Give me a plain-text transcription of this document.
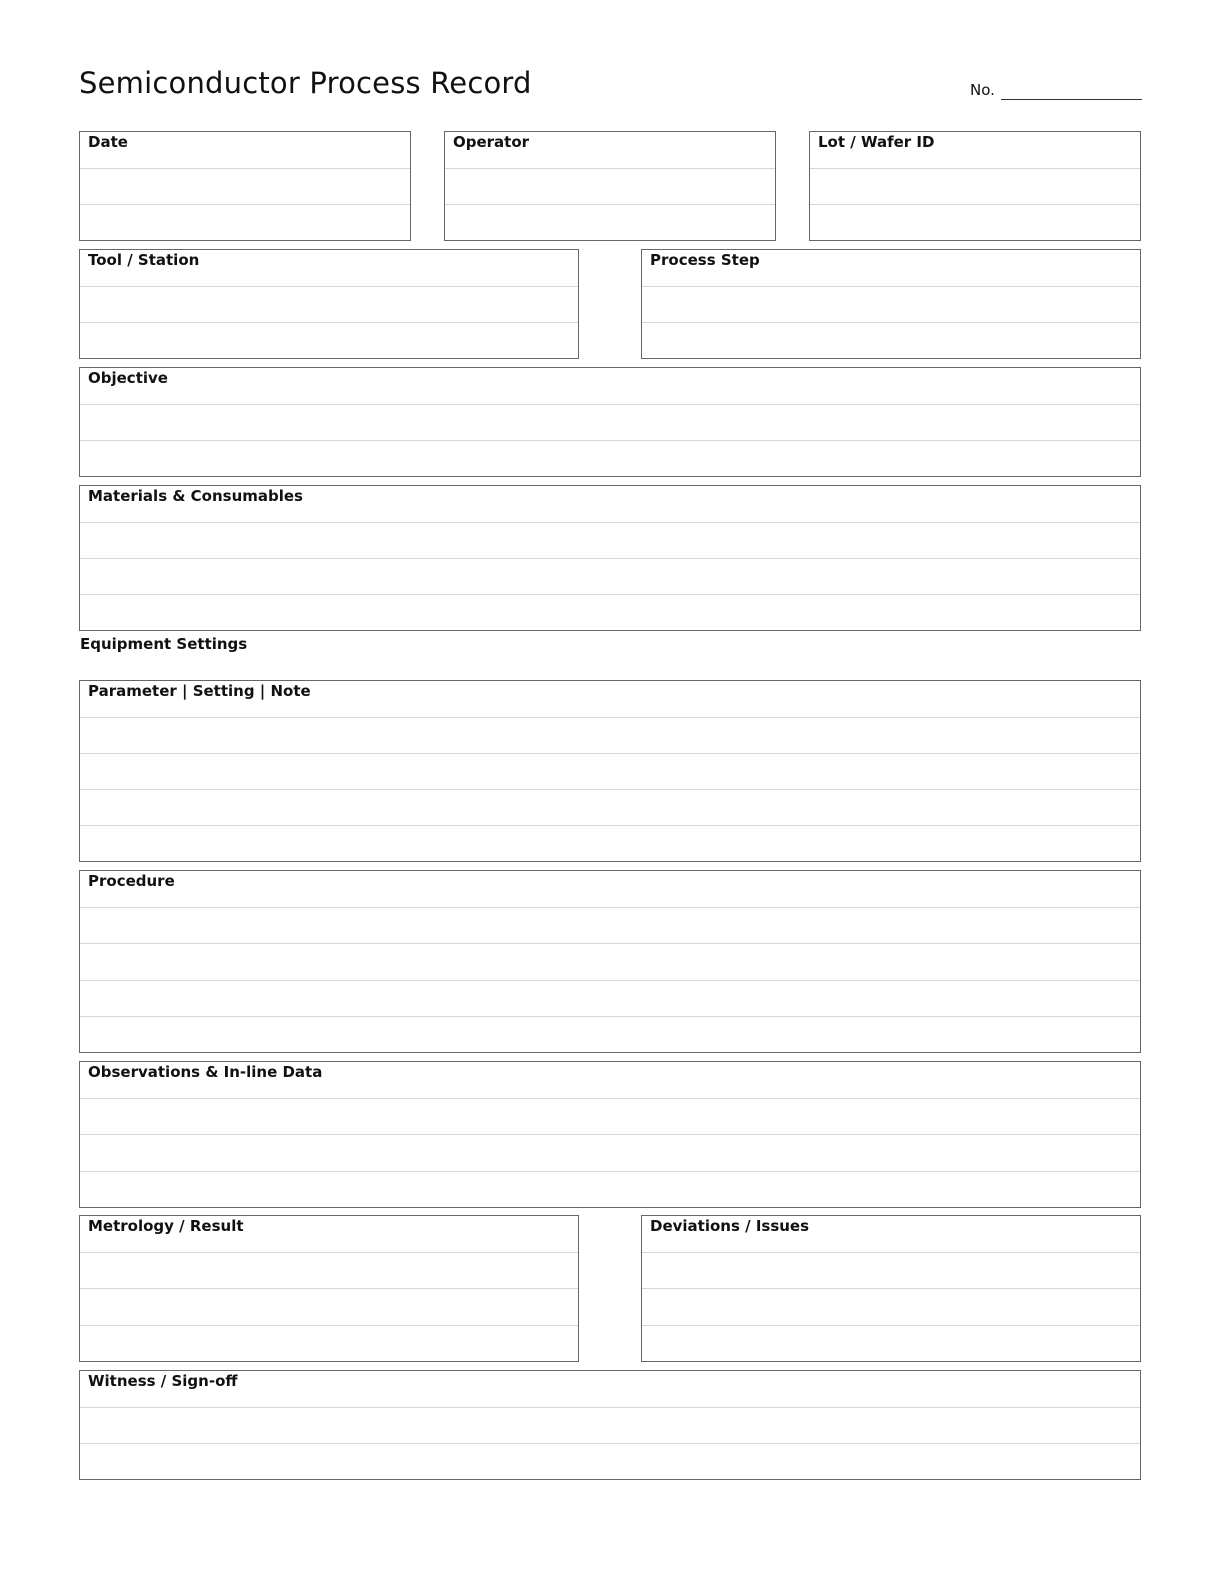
Semiconductor Process Record	No.
Date	Operator	Lot / Wafer ID
Tool / Station	Process Step
Objective
Materials & Consumables
Equipment Settings
Parameter | Setting | Note
Procedure
Observations & In-line Data
Metrology / Result	Deviations / Issues
Witness / Sign-off
